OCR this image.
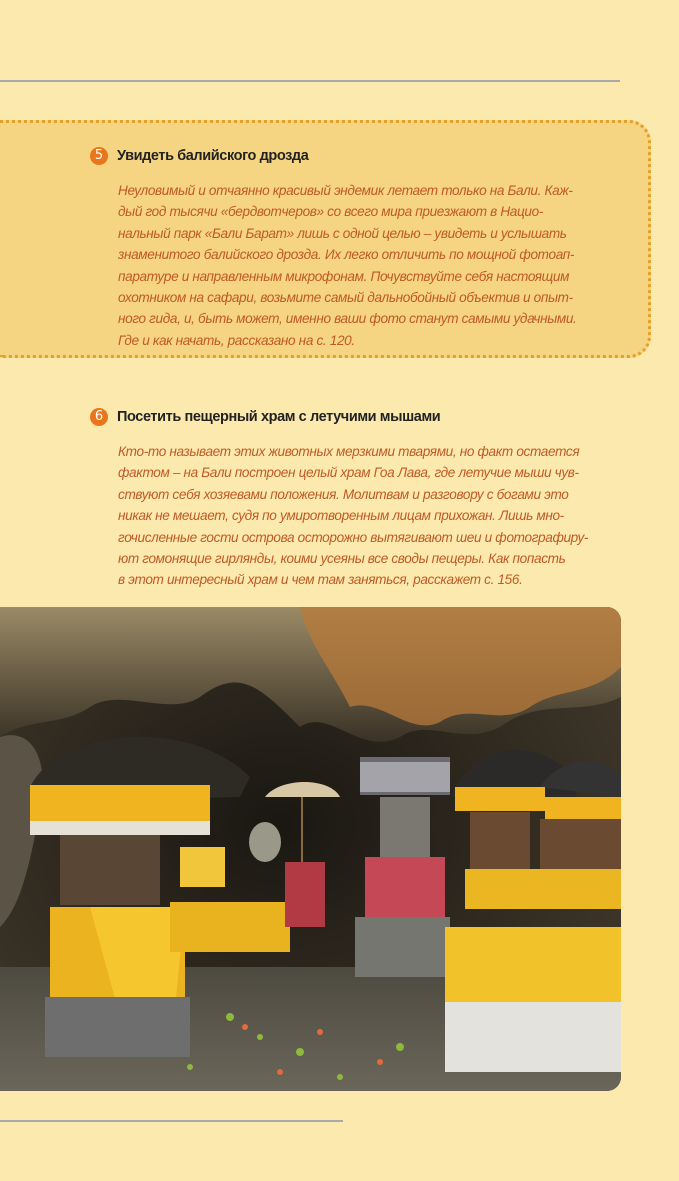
5 Увидеть балийского дрозда
Неуловимый и отчаянно красивый эндемик летает только на Бали. Каж-
дый год тысячи «бердвотчеров» со всего мира приезжают в Нацио-
нальный парк «Бали Барат» лишь с одной целью – увидеть и услышать
знаменитого балийского дрозда. Их легко отличить по мощной фотоап-
паратуре и направленным микрофонам. Почувствуйте себя настоящим
охотником на сафари, возьмите самый дальнобойный объектив и опыт-
ного гида, и, быть может, именно ваши фото станут самыми удачными.
Где и как начать, рассказано на с. 120.
6 Посетить пещерный храм с летучими мышами
Кто-то называет этих животных мерзкими тварями, но факт остается
фактом – на Бали построен целый храм Гоа Лава, где летучие мыши чув-
ствуют себя хозяевами положения. Молитвам и разговору с богами это
никак не мешает, судя по умиротворенным лицам прихожан. Лишь мно-
гочисленные гости острова осторожно вытягивают шеи и фотографиру-
ют гомонящие гирлянды, коими усеяны все своды пещеры. Как попасть
в этот интересный храм и чем там заняться, расскажет с. 156.
